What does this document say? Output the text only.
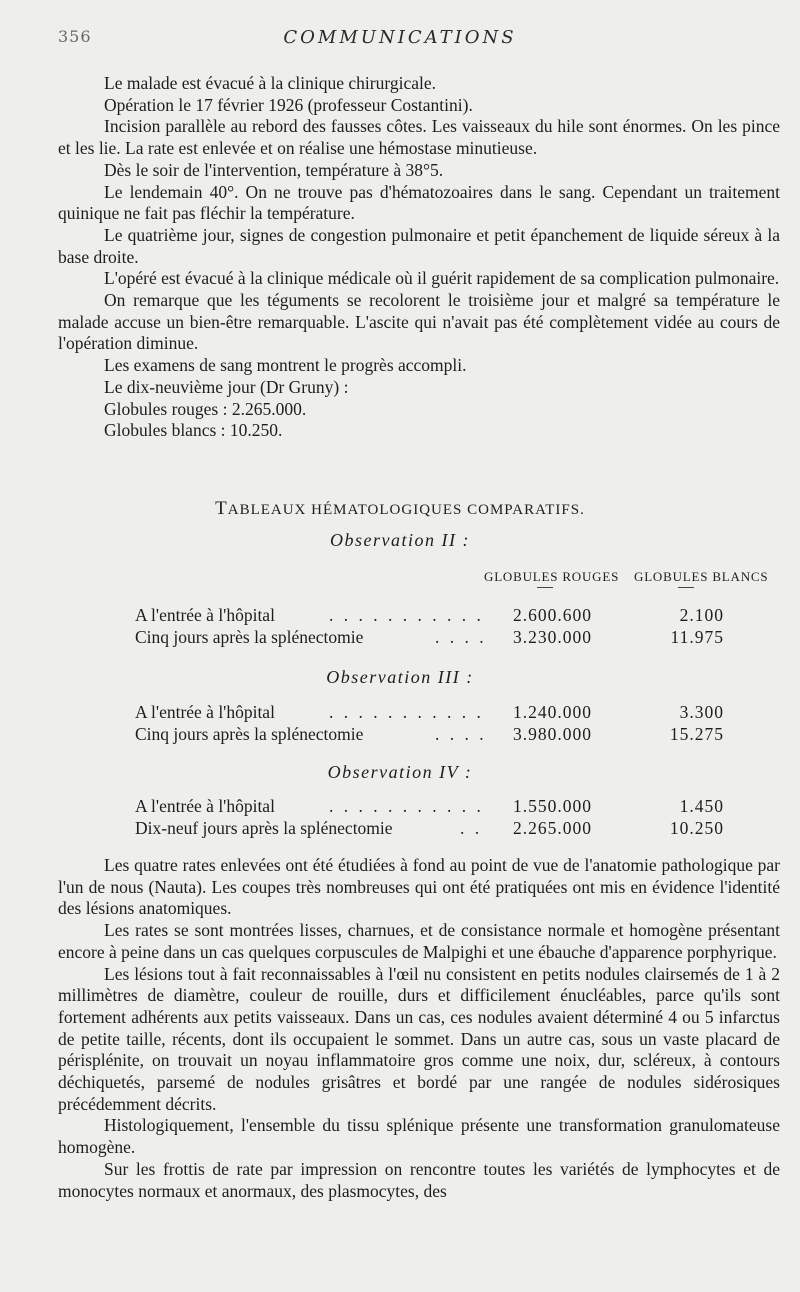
356	COMMUNICATIONS

Le malade est évacué à la clinique chirurgicale.

Opération le 17 février 1926 (professeur Costantini).

Incision parallèle au rebord des fausses côtes. Les vaisseaux du hile sont énormes. On les pince et les lie. La rate est enlevée et on réalise une hémostase minutieuse.

Dès le soir de l'intervention, température à 38°5.

Le lendemain 40°. On ne trouve pas d'hématozoaires dans le sang. Cependant un traitement quinique ne fait pas fléchir la température.

Le quatrième jour, signes de congestion pulmonaire et petit épanchement de liquide séreux à la base droite.

L'opéré est évacué à la clinique médicale où il guérit rapidement de sa complication pulmonaire.

On remarque que les téguments se recolorent le troisième jour et malgré sa température le malade accuse un bien-être remarquable. L'ascite qui n'avait pas été complètement vidée au cours de l'opération diminue.

Les examens de sang montrent le progrès accompli.

Le dix-neuvième jour (Dr Gruny) :

Globules rouges : 2.265.000.

Globules blancs : 10.250.

TABLEAUX HÉMATOLOGIQUES COMPARATIFS.
Observation II :
GLOBULES ROUGES GLOBULES BLANCS
A l'entrée à l'hôpital	. . . . . . . . . . .	2.600.600	2.100
Cinq jours après la splénectomie	. . . .	3.230.000	11.975
Observation III :
A l'entrée à l'hôpital	. . . . . . . . . . .	1.240.000	3.300
Cinq jours après la splénectomie	. . . .	3.980.000	15.275
Observation IV :
A l'entrée à l'hôpital	. . . . . . . . . . .	1.550.000	1.450
Dix-neuf jours après la splénectomie	. .	2.265.000	10.250

Les quatre rates enlevées ont été étudiées à fond au point de vue de l'anatomie pathologique par l'un de nous (Nauta). Les coupes très nombreuses qui ont été pratiquées ont mis en évidence l'identité des lésions anatomiques.

Les rates se sont montrées lisses, charnues, et de consistance normale et homogène présentant encore à peine dans un cas quelques corpuscules de Malpighi et une ébauche d'apparence porphyrique.

Les lésions tout à fait reconnaissables à l'œil nu consistent en petits nodules clairsemés de 1 à 2 millimètres de diamètre, couleur de rouille, durs et difficilement énucléables, parce qu'ils sont fortement adhérents aux petits vaisseaux. Dans un cas, ces nodules avaient déterminé 4 ou 5 infarctus de petite taille, récents, dont ils occupaient le sommet. Dans un autre cas, sous un vaste placard de périsplénite, on trouvait un noyau inflammatoire gros comme une noix, dur, scléreux, à contours déchiquetés, parsemé de nodules grisâtres et bordé par une rangée de nodules sidérosiques précédemment décrits.

Histologiquement, l'ensemble du tissu splénique présente une transformation granulomateuse homogène.

Sur les frottis de rate par impression on rencontre toutes les variétés de lymphocytes et de monocytes normaux et anormaux, des plasmocytes, des
